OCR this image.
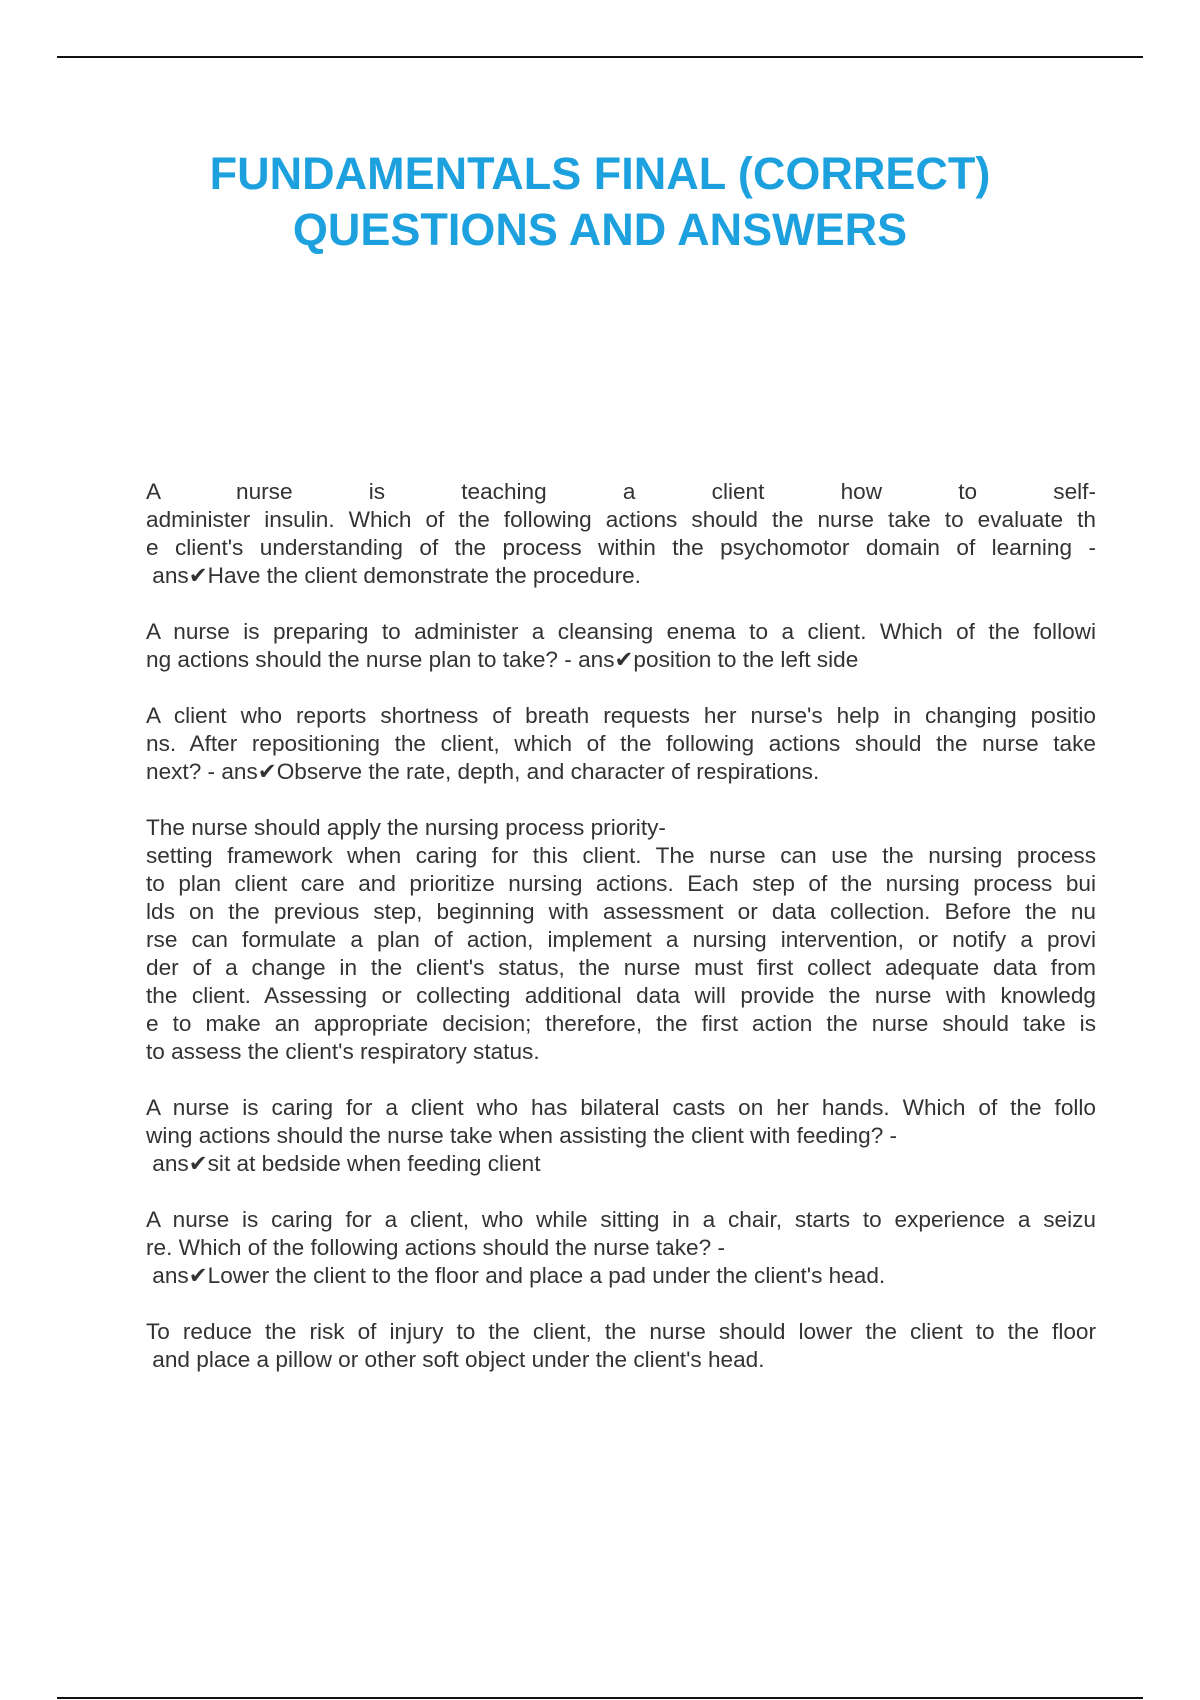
FUNDAMENTALS FINAL (CORRECT)
QUESTIONS AND ANSWERS
A nurse is teaching a client how to self-
administer insulin. Which of the following actions should the nurse take to evaluate th
e client's understanding of the process within the psychomotor domain of learning -
ans✔Have the client demonstrate the procedure.
A nurse is preparing to administer a cleansing enema to a client. Which of the followi
ng actions should the nurse plan to take? - ans✔position to the left side
A client who reports shortness of breath requests her nurse's help in changing positio
ns. After repositioning the client, which of the following actions should the nurse take
next? - ans✔Observe the rate, depth, and character of respirations.
The nurse should apply the nursing process priority-
setting framework when caring for this client. The nurse can use the nursing process
to plan client care and prioritize nursing actions. Each step of the nursing process bui
lds on the previous step, beginning with assessment or data collection. Before the nu
rse can formulate a plan of action, implement a nursing intervention, or notify a provi
der of a change in the client's status, the nurse must first collect adequate data from
the client. Assessing or collecting additional data will provide the nurse with knowledg
e to make an appropriate decision; therefore, the first action the nurse should take is
to assess the client's respiratory status.
A nurse is caring for a client who has bilateral casts on her hands. Which of the follo
wing actions should the nurse take when assisting the client with feeding? -
ans✔sit at bedside when feeding client
A nurse is caring for a client, who while sitting in a chair, starts to experience a seizu
re. Which of the following actions should the nurse take? -
ans✔Lower the client to the floor and place a pad under the client's head.
To reduce the risk of injury to the client, the nurse should lower the client to the floor
and place a pillow or other soft object under the client's head.
